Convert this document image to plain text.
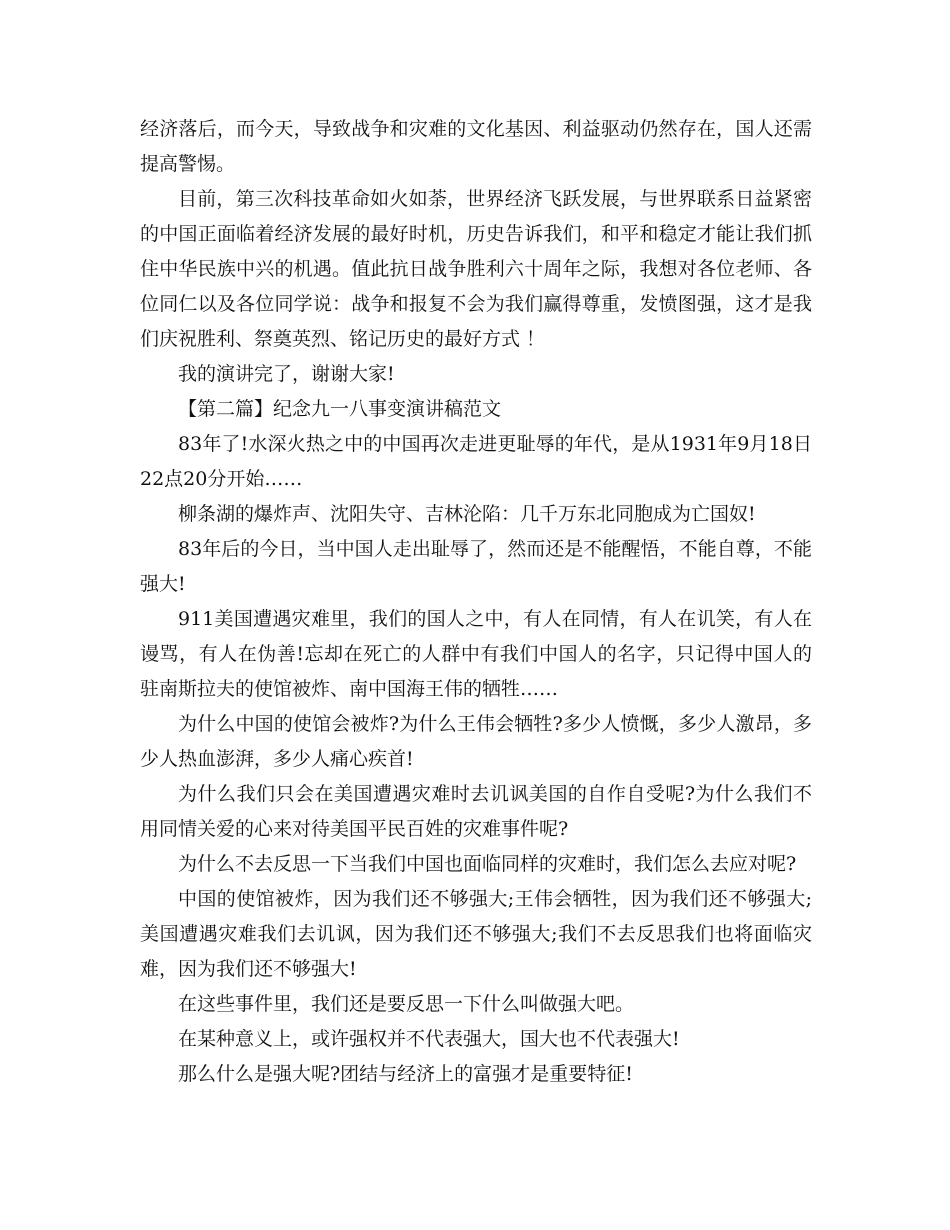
经济落后，而今天，导致战争和灾难的文化基因、利益驱动仍然存在，国人还需提高警惕。

目前，第三次科技革命如火如荼，世界经济飞跃发展，与世界联系日益紧密的中国正面临着经济发展的最好时机，历史告诉我们，和平和稳定才能让我们抓住中华民族中兴的机遇。值此抗日战争胜利六十周年之际，我想对各位老师、各位同仁以及各位同学说：战争和报复不会为我们赢得尊重，发愤图强，这才是我们庆祝胜利、祭奠英烈、铭记历史的最好方式 ！

我的演讲完了，谢谢大家!

【第二篇】纪念九一八事变演讲稿范文

83年了!水深火热之中的中国再次走进更耻辱的年代，是从1931年9月18日22点20分开始……

柳条湖的爆炸声、沈阳失守、吉林沦陷：几千万东北同胞成为亡国奴!

83年后的今日，当中国人走出耻辱了，然而还是不能醒悟，不能自尊，不能强大!

911美国遭遇灾难里，我们的国人之中，有人在同情，有人在讥笑，有人在谩骂，有人在伪善!忘却在死亡的人群中有我们中国人的名字，只记得中国人的驻南斯拉夫的使馆被炸、南中国海王伟的牺牲……

为什么中国的使馆会被炸?为什么王伟会牺牲?多少人愤慨，多少人激昂，多少人热血澎湃，多少人痛心疾首!

为什么我们只会在美国遭遇灾难时去讥讽美国的自作自受呢?为什么我们不用同情关爱的心来对待美国平民百姓的灾难事件呢?

为什么不去反思一下当我们中国也面临同样的灾难时，我们怎么去应对呢?

中国的使馆被炸，因为我们还不够强大;王伟会牺牲，因为我们还不够强大;美国遭遇灾难我们去讥讽，因为我们还不够强大;我们不去反思我们也将面临灾难，因为我们还不够强大!

在这些事件里，我们还是要反思一下什么叫做强大吧。

在某种意义上，或许强权并不代表强大，国大也不代表强大!

那么什么是强大呢?团结与经济上的富强才是重要特征!
